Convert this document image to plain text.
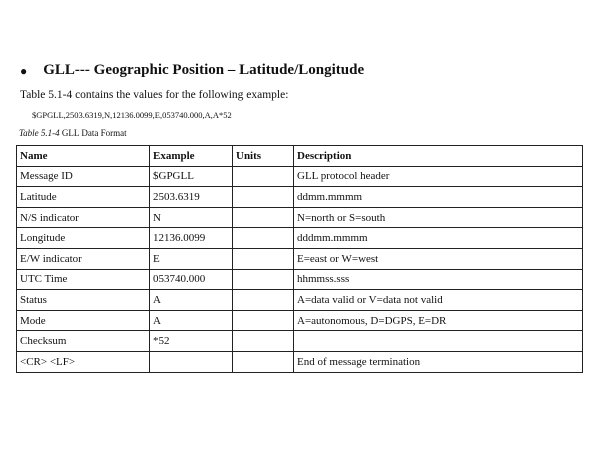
● GLL--- Geographic Position – Latitude/Longitude
Table 5.1-4 contains the values for the following example:
$GPGLL,2503.6319,N,12136.0099,E,053740.000,A,A*52
Table 5.1-4 GLL Data Format
Name	Example	Units	Description
Message ID	$GPGLL		GLL protocol header
Latitude	2503.6319		ddmm.mmmm
N/S indicator	N		N=north or S=south
Longitude	12136.0099		dddmm.mmmm
E/W indicator	E		E=east or W=west
UTC Time	053740.000		hhmmss.sss
Status	A		A=data valid or V=data not valid
Mode	A		A=autonomous, D=DGPS, E=DR
Checksum	*52		
<CR> <LF>			End of message termination
